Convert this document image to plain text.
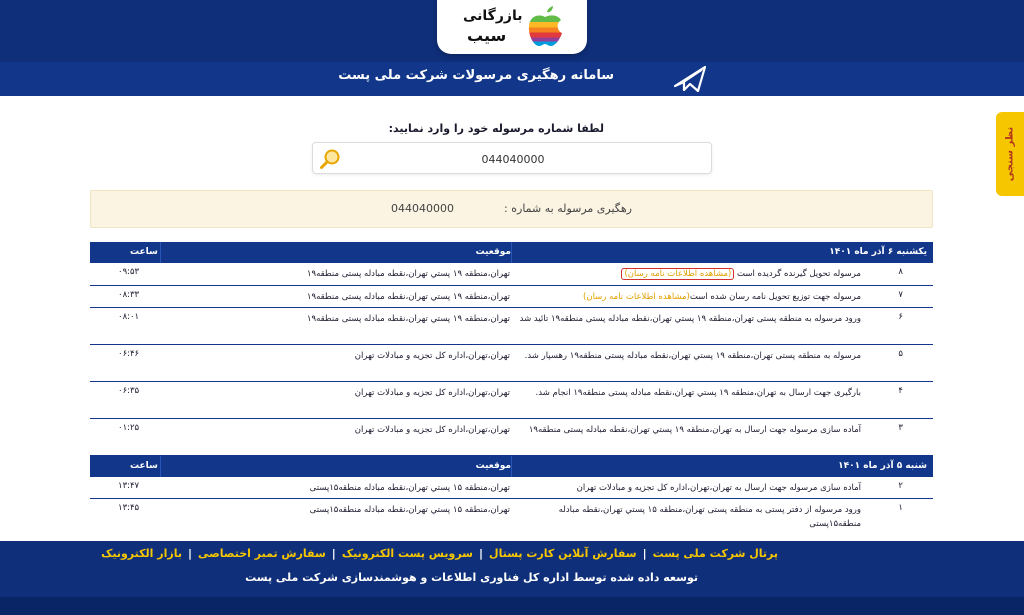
بازرگانی
سیب
سامانه رهگیری مرسولات شرکت ملی پست
نظر سنجی
لطفا شماره مرسوله خود را وارد نمایید:
044040000
رهگیری مرسوله به شماره :
044040000
یکشنبه ۶ آذر ماه ۱۴۰۱
موقعیت
ساعت
۸
مرسوله تحویل گیرنده گردیده است (مشاهده اطلاعات نامه رسان)
تهران،منطقه ۱۹ پستي تهران،نقطه مبادله پستی منطقه۱۹
۰۹:۵۳
۷
مرسوله جهت توزیع تحویل نامه رسان شده است(مشاهده اطلاعات نامه رسان)
تهران،منطقه ۱۹ پستي تهران،نقطه مبادله پستی منطقه۱۹
۰۸:۳۳
۶
ورود مرسوله به منطقه پستی تهران،منطقه ۱۹ پستي تهران،نقطه مبادله پستی منطقه۱۹ تائید شد
تهران،منطقه ۱۹ پستي تهران،نقطه مبادله پستی منطقه۱۹
۰۸:۰۱
۵
مرسوله به منطقه پستی تهران،منطقه ۱۹ پستي تهران،نقطه مبادله پستی منطقه۱۹ رهسپار شد.
تهران،تهران،اداره کل تجزیه و مبادلات تهران
۰۶:۴۶
۴
بارگیری جهت ارسال به تهران،منطقه ۱۹ پستي تهران،نقطه مبادله پستی منطقه۱۹ انجام شد.
تهران،تهران،اداره کل تجزیه و مبادلات تهران
۰۶:۳۵
۳
آماده سازی مرسوله جهت ارسال به تهران،منطقه ۱۹ پستي تهران،نقطه مبادله پستی منطقه۱۹
تهران،تهران،اداره کل تجزیه و مبادلات تهران
۰۱:۲۵
شنبه ۵ آذر ماه ۱۴۰۱
موقعیت
ساعت
۲
آماده سازی مرسوله جهت ارسال به تهران،تهران،اداره کل تجزیه و مبادلات تهران
تهران،منطقه ۱۵ پستي تهران،نقطه مبادله منطقه۱۵پستی
۱۳:۴۷
۱
ورود مرسوله از دفتر پستی به منطقه پستی تهران،منطقه ۱۵ پستي تهران،نقطه مبادله منطقه۱۵پستی
تهران،منطقه ۱۵ پستي تهران،نقطه مبادله منطقه۱۵پستی
۱۳:۴۵
پرتال شرکت ملی پست|سفارش آنلاین کارت پستال|سرویس پست الکترونیک|سفارش تمبر اختصاصی|بازار الکترونیک
توسعه داده شده توسط اداره کل فناوری اطلاعات و هوشمندسازی شرکت ملی پست
